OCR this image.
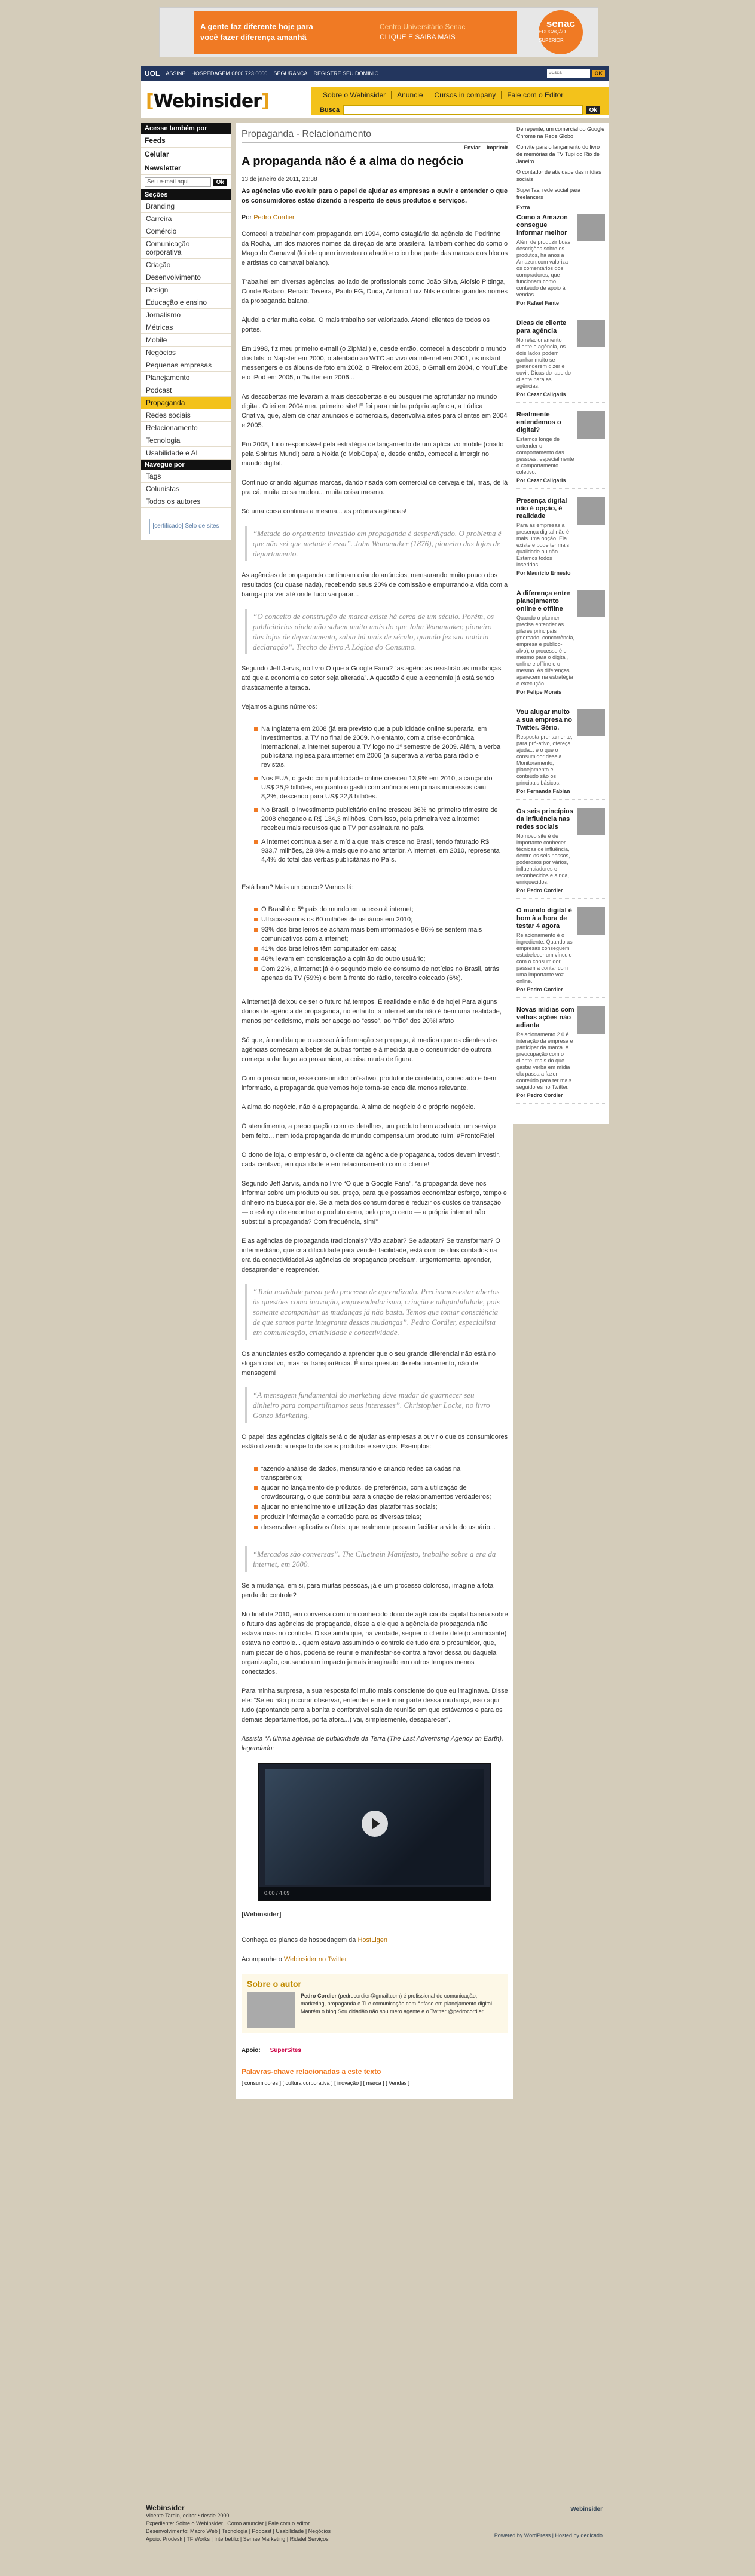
A gente faz diferente hoje para
você fazer diferença amanhã
Centro Universitário Senac
CLIQUE E SAIBA MAIS
senac
EDUCAÇÃO SUPERIOR
UOL ASSINE HOSPEDAGEM 0800 723 6000 SEGURANÇA REGISTRE SEU DOMÍNIO	Busca	OK
[Webinsider]	Sobre o Webinsider	Anuncie	Cursos in company	Fale com o Editor
Busca	Ok
Acesse também por
Feeds
Celular
Newsletter
Seu e-mail aqui	Ok
Seções
Branding
Carreira
Comércio
Comunicação corporativa
Criação
Desenvolvimento
Design
Educação e ensino
Jornalismo
Métricas
Mobile
Negócios
Pequenas empresas
Planejamento
Podcast
Propaganda
Redes sociais
Relacionamento
Tecnologia
Usabilidade e AI
Navegue por
Tags
Colunistas
Todos os autores
[certificado] Selo de sites
Propaganda - Relacionamento
Enviar Imprimir
A propaganda não é a alma do negócio
13 de janeiro de 2011, 21:38
As agências vão evoluir para o papel de ajudar as empresas a ouvir e entender o que os consumidores estão dizendo a respeito de seus produtos e serviços.
Por Pedro Cordier

Comecei a trabalhar com propaganda em 1994, como estagiário da agência de Pedrinho da Rocha, um dos maiores nomes da direção de arte brasileira, também conhecido como o Mago do Carnaval (foi ele quem inventou o abadá e criou boa parte das marcas dos blocos e artistas do carnaval baiano).

Trabalhei em diversas agências, ao lado de profissionais como João Silva, Aloísio Pittinga, Conde Badaró, Renato Taveira, Paulo FG, Duda, Antonio Luiz Nils e outros grandes nomes da propaganda baiana.

Ajudei a criar muita coisa. O mais trabalho ser valorizado. Atendi clientes de todos os portes.

Em 1998, fiz meu primeiro e-mail (o ZipMail) e, desde então, comecei a descobrir o mundo dos bits: o Napster em 2000, o atentado ao WTC ao vivo via internet em 2001, os instant messengers e os álbuns de foto em 2002, o Firefox em 2003, o Gmail em 2004, o YouTube e o iPod em 2005, o Twitter em 2006...

As descobertas me levaram a mais descobertas e eu busquei me aprofundar no mundo digital. Criei em 2004 meu primeiro site! E foi para minha própria agência, a Lúdica Criativa, que, além de criar anúncios e comerciais, desenvolvia sites para clientes em 2004 e 2005.

Em 2008, fui o responsável pela estratégia de lançamento de um aplicativo mobile (criado pela Spiritus Mundi) para a Nokia (o MobCopa) e, desde então, comecei a imergir no mundo digital.

Continuo criando algumas marcas, dando risada com comercial de cerveja e tal, mas, de lá pra cá, muita coisa mudou... muita coisa mesmo.

Só uma coisa continua a mesma... as próprias agências!

“Metade do orçamento investido em propaganda é desperdiçado. O problema é que não sei que metade é essa”. John Wanamaker (1876), pioneiro das lojas de departamento.

As agências de propaganda continuam criando anúncios, mensurando muito pouco dos resultados (ou quase nada), recebendo seus 20% de comissão e empurrando a vida com a barriga pra ver até onde tudo vai parar...

“O conceito de construção de marca existe há cerca de um século. Porém, os publicitários ainda não sabem muito mais do que John Wanamaker, pioneiro das lojas de departamento, sabia há mais de século, quando fez sua notória declaração”. Trecho do livro A Lógica do Consumo.

Segundo Jeff Jarvis, no livro O que a Google Faria? “as agências resistirão às mudanças até que a economia do setor seja alterada”. A questão é que a economia já está sendo drasticamente alterada.

Vejamos alguns números:

Na Inglaterra em 2008 (já era previsto que a publicidade online superaria, em investimentos, a TV no final de 2009. No entanto, com a crise econômica internacional, a internet superou a TV logo no 1º semestre de 2009. Além, a verba publicitária inglesa para internet em 2006 (a superava a verba para rádio e revistas.
Nos EUA, o gasto com publicidade online cresceu 13,9% em 2010, alcançando US$ 25,9 bilhões, enquanto o gasto com anúncios em jornais impressos caiu 8,2%, descendo para US$ 22,8 bilhões.
No Brasil, o investimento publicitário online cresceu 36% no primeiro trimestre de 2008 chegando a R$ 134,3 milhões. Com isso, pela primeira vez a internet recebeu mais recursos que a TV por assinatura no país.
A internet continua a ser a mídia que mais cresce no Brasil, tendo faturado R$ 933,7 milhões, 29,8% a mais que no ano anterior. A internet, em 2010, representa 4,4% do total das verbas publicitárias no País.

Está bom? Mais um pouco? Vamos lá:

O Brasil é o 5º país do mundo em acesso à internet;
Ultrapassamos os 60 milhões de usuários em 2010;
93% dos brasileiros se acham mais bem informados e 86% se sentem mais comunicativos com a internet;
41% dos brasileiros têm computador em casa;
46% levam em consideração a opinião do outro usuário;
Com 22%, a internet já é o segundo meio de consumo de notícias no Brasil, atrás apenas da TV (59%) e bem à frente do rádio, terceiro colocado (6%).

A internet já deixou de ser o futuro há tempos. É realidade e não é de hoje! Para alguns donos de agência de propaganda, no entanto, a internet ainda não é bem uma realidade, menos por ceticismo, mais por apego ao “esse”, ao “não” dos 20%! #fato

Só que, à medida que o acesso à informação se propaga, à medida que os clientes das agências começam a beber de outras fontes e à medida que o consumidor de outrora começa a dar lugar ao prosumidor, a coisa muda de figura.

Com o prosumidor, esse consumidor pró-ativo, produtor de conteúdo, conectado e bem informado, a propaganda que vemos hoje torna-se cada dia menos relevante.

A alma do negócio, não é a propaganda. A alma do negócio é o próprio negócio.

O atendimento, a preocupação com os detalhes, um produto bem acabado, um serviço bem feito... nem toda propaganda do mundo compensa um produto ruim! #ProntoFalei

O dono de loja, o empresário, o cliente da agência de propaganda, todos devem investir, cada centavo, em qualidade e em relacionamento com o cliente!

Segundo Jeff Jarvis, ainda no livro “O que a Google Faria”, “a propaganda deve nos informar sobre um produto ou seu preço, para que possamos economizar esforço, tempo e dinheiro na busca por ele. Se a meta dos consumidores é reduzir os custos de transação — o esforço de encontrar o produto certo, pelo preço certo — a própria internet não substitui a propaganda? Com frequência, sim!”

E as agências de propaganda tradicionais? Vão acabar? Se adaptar? Se transformar? O intermediário, que cria dificuldade para vender facilidade, está com os dias contados na era da conectividade! As agências de propaganda precisam, urgentemente, aprender, desaprender e reaprender.

“Toda novidade passa pelo processo de aprendizado. Precisamos estar abertos às questões como inovação, empreendedorismo, criação e adaptabilidade, pois somente acompanhar as mudanças já não basta. Temos que tomar consciência de que somos parte integrante dessas mudanças”. Pedro Cordier, especialista em comunicação, criatividade e conectividade.

Os anunciantes estão começando a aprender que o seu grande diferencial não está no slogan criativo, mas na transparência. É uma questão de relacionamento, não de mensagem!

“A mensagem fundamental do marketing deve mudar de guarnecer seu dinheiro para compartilhamos seus interesses”. Christopher Locke, no livro Gonzo Marketing.

O papel das agências digitais será o de ajudar as empresas a ouvir o que os consumidores estão dizendo a respeito de seus produtos e serviços. Exemplos:

fazendo análise de dados, mensurando e criando redes calcadas na transparência;
ajudar no lançamento de produtos, de preferência, com a utilização de crowdsourcing, o que contribui para a criação de relacionamentos verdadeiros;
ajudar no entendimento e utilização das plataformas sociais;
produzir informação e conteúdo para as diversas telas;
desenvolver aplicativos úteis, que realmente possam facilitar a vida do usuário...
“Mercados são conversas”. The Cluetrain Manifesto, trabalho sobre a era da internet, em 2000.

Se a mudança, em si, para muitas pessoas, já é um processo doloroso, imagine a total perda do controle?

No final de 2010, em conversa com um conhecido dono de agência da capital baiana sobre o futuro das agências de propaganda, disse a ele que a agência de propaganda não estava mais no controle. Disse ainda que, na verdade, sequer o cliente dele (o anunciante) estava no controle... quem estava assumindo o controle de tudo era o prosumidor, que, num piscar de olhos, poderia se reunir e manifestar-se contra a favor dessa ou daquela organização, causando um impacto jamais imaginado em outros tempos menos conectados.

Para minha surpresa, a sua resposta foi muito mais consciente do que eu imaginava. Disse ele: “Se eu não procurar observar, entender e me tornar parte dessa mudança, isso aqui tudo (apontando para a bonita e confortável sala de reunião em que estávamos e para os demais departamentos, porta afora...) vai, simplesmente, desaparecer”.

Assista “A última agência de publicidade da Terra (The Last Advertising Agency on Earth), legendado:

0:00 / 4:09

[Webinsider]

Conheça os planos de hospedagem da HostLigen

Acompanhe o Webinsider no Twitter

Sobre o autor
Pedro Cordier (pedrocordier@gmail.com) é profissional de comunicação, marketing, propaganda e TI e comunicação com ênfase em planejamento digital. Mantém o blog Sou cidadão não sou mero agente e o Twitter @pedrocordier.
Apoio: SuperSites
Palavras-chave relacionadas a este texto
[ consumidores ] [ cultura corporativa ] [ inovação ] [ marca ] [ Vendas ]
De repente, um comercial do Google Chrome na Rede Globo
Convite para o lançamento do livro de memórias da TV Tupi do Rio de Janeiro
O contador de atividade das mídias sociais
SuperTas, rede social para freelancers
Extra
Como a Amazon consegue informar melhor
Além de produzir boas descrições sobre os produtos, há anos a Amazon.com valoriza os comentários dos compradores, que funcionam como conteúdo de apoio à vendas.
Por Rafael Fante
Dicas de cliente para agência
No relacionamento cliente e agência, os dois lados podem ganhar muito se pretenderem dizer e ouvir. Dicas do lado do cliente para as agências.
Por Cezar Caligaris
Realmente entendemos o digital?
Estamos longe de entender o comportamento das pessoas, especialmente o comportamento coletivo.
Por Cezar Caligaris
Presença digital não é opção, é realidade
Para as empresas a presença digital não é mais uma opção. Ela existe e pode ter mais qualidade ou não. Estamos todos inseridos.
Por Maurício Ernesto
A diferença entre planejamento online e offline
Quando o planner precisa entender as pilares principais (mercado, concorrência, empresa e público-alvo), o processo é o mesmo para o digital, online e offline e o mesmo. As diferenças aparecem na estratégia e execução.
Por Felipe Morais
Vou alugar muito a sua empresa no Twitter. Sério.
Resposta prontamente, para pró-ativo, ofereça ajuda... é o que o consumidor deseja. Monitoramento, planejamento e conteúdo são os principais básicos.
Por Fernanda Fabian
Os seis princípios da influência nas redes sociais
No novo site é de importante conhecer técnicas de influência, dentre os seis nossos, poderosos por vários, influenciadores e reconhecidos e ainda, enriquecidos.
Por Pedro Cordier
O mundo digital é bom à a hora de testar 4 agora
Relacionamento é o ingrediente. Quando as empresas conseguem estabelecer um vínculo com o consumidor, passam a contar com uma importante voz online.
Por Pedro Cordier
Novas mídias com velhas ações não adianta
Relacionamento 2.0 é interação da empresa e participar da marca. A preocupação com o cliente, mais do que gastar verba em mídia ela passa a fazer conteúdo para ter mais seguidores no Twitter.
Por Pedro Cordier
Webinsider
Vicente Tardin, editor • desde 2000
Expediente: Sobre o Webinsider | Como anunciar | Fale com o editor
Desenvolvimento: Macro Web | Tecnologia | Podcast | Usabilidade | Negócios
Apoio: Prodesk | TFIWorks | Interbetiliz | Semae Marketing | Ridatel Serviços
Webinsider
Powered by WordPress | Hosted by dedicado
